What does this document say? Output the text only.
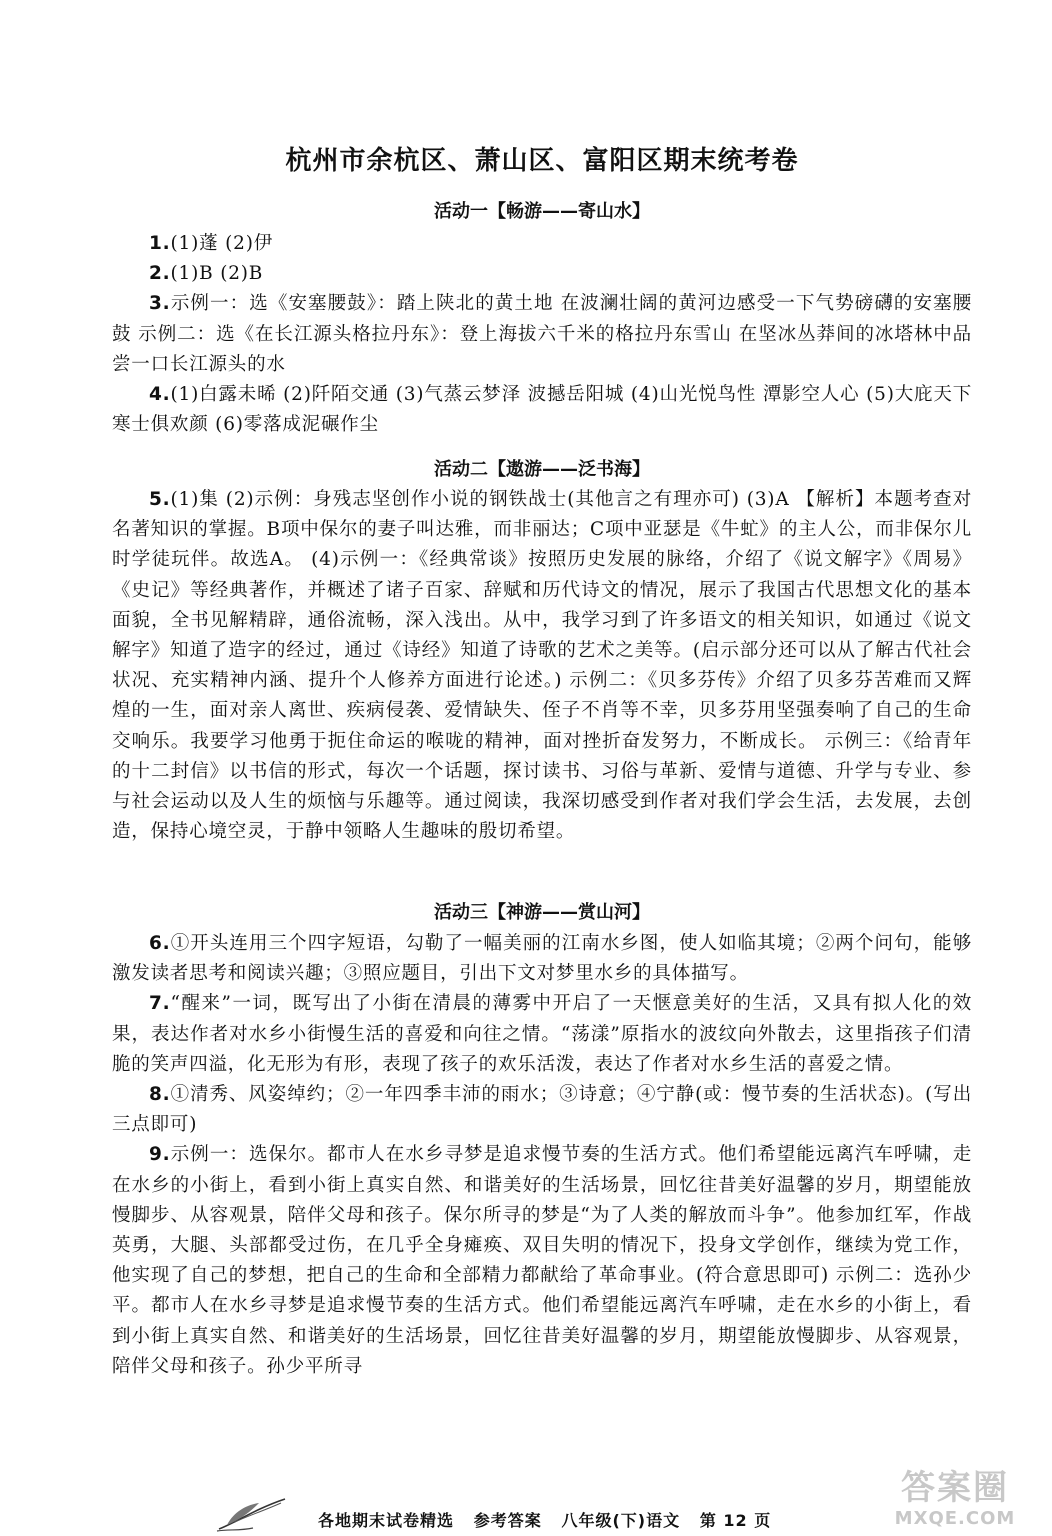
杭州市余杭区、萧山区、富阳区期末统考卷
活动一【畅游——寄山水】

1.(1)蓬 (2)伊

2.(1)B (2)B

3.示例一：选《安塞腰鼓》：踏上陕北的黄土地 在波澜壮阔的黄河边感受一下气势磅礴的安塞腰鼓 示例二：选《在长江源头格拉丹东》：登上海拔六千米的格拉丹东雪山 在坚冰丛莽间的冰塔林中品尝一口长江源头的水

4.(1)白露未晞 (2)阡陌交通 (3)气蒸云梦泽 波撼岳阳城 (4)山光悦鸟性 潭影空人心 (5)大庇天下寒士俱欢颜 (6)零落成泥碾作尘

活动二【遨游——泛书海】

5.(1)集 (2)示例：身残志坚创作小说的钢铁战士(其他言之有理亦可) (3)A 【解析】本题考查对名著知识的掌握。B项中保尔的妻子叫达雅，而非丽达；C项中亚瑟是《牛虻》的主人公，而非保尔儿时学徒玩伴。故选A。 (4)示例一：《经典常谈》按照历史发展的脉络，介绍了《说文解字》《周易》《史记》等经典著作，并概述了诸子百家、辞赋和历代诗文的情况，展示了我国古代思想文化的基本面貌，全书见解精辟，通俗流畅，深入浅出。从中，我学习到了许多语文的相关知识，如通过《说文解字》知道了造字的经过，通过《诗经》知道了诗歌的艺术之美等。(启示部分还可以从了解古代社会状况、充实精神内涵、提升个人修养方面进行论述。) 示例二：《贝多芬传》介绍了贝多芬苦难而又辉煌的一生，面对亲人离世、疾病侵袭、爱情缺失、侄子不肖等不幸，贝多芬用坚强奏响了自己的生命交响乐。我要学习他勇于扼住命运的喉咙的精神，面对挫折奋发努力，不断成长。 示例三：《给青年的十二封信》以书信的形式，每次一个话题，探讨读书、习俗与革新、爱情与道德、升学与专业、参与社会运动以及人生的烦恼与乐趣等。通过阅读，我深切感受到作者对我们学会生活，去发展，去创造，保持心境空灵，于静中领略人生趣味的殷切希望。

活动三【神游——赏山河】

6.①开头连用三个四字短语，勾勒了一幅美丽的江南水乡图，使人如临其境；②两个问句，能够激发读者思考和阅读兴趣；③照应题目，引出下文对梦里水乡的具体描写。

7.“醒来”一词，既写出了小街在清晨的薄雾中开启了一天惬意美好的生活，又具有拟人化的效果，表达作者对水乡小街慢生活的喜爱和向往之情。“荡漾”原指水的波纹向外散去，这里指孩子们清脆的笑声四溢，化无形为有形，表现了孩子的欢乐活泼，表达了作者对水乡生活的喜爱之情。

8.①清秀、风姿绰约；②一年四季丰沛的雨水；③诗意；④宁静(或：慢节奏的生活状态)。(写出三点即可)

9.示例一：选保尔。都市人在水乡寻梦是追求慢节奏的生活方式。他们希望能远离汽车呼啸，走在水乡的小街上，看到小街上真实自然、和谐美好的生活场景，回忆往昔美好温馨的岁月，期望能放慢脚步、从容观景，陪伴父母和孩子。保尔所寻的梦是“为了人类的解放而斗争”。他参加红军，作战英勇，大腿、头部都受过伤，在几乎全身瘫痪、双目失明的情况下，投身文学创作，继续为党工作，他实现了自己的梦想，把自己的生命和全部精力都献给了革命事业。(符合意思即可) 示例二：选孙少平。都市人在水乡寻梦是追求慢节奏的生活方式。他们希望能远离汽车呼啸，走在水乡的小街上，看到小街上真实自然、和谐美好的生活场景，回忆往昔美好温馨的岁月，期望能放慢脚步、从容观景，陪伴父母和孩子。孙少平所寻

各地期末试卷精选 参考答案 八年级(下)语文 第 12 页
答案圈
MXQE.COM
